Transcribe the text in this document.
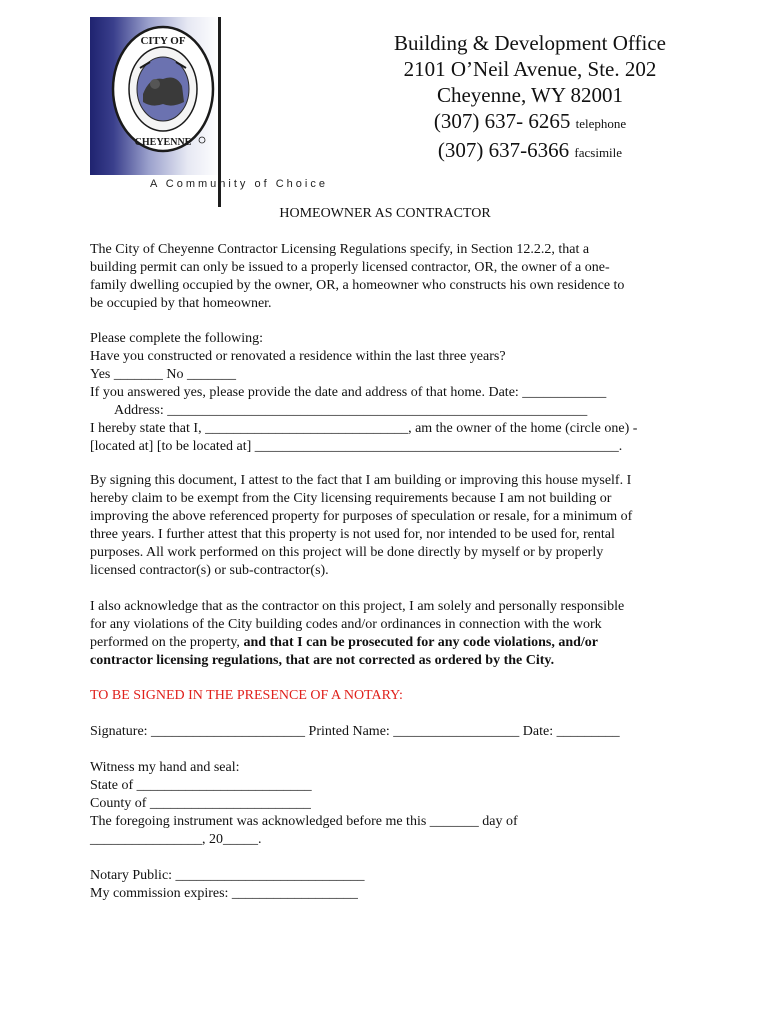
CITY OF
CHEYENNE
A Community of Choice
Building & Development Office
2101 O’Neil Avenue, Ste. 202
Cheyenne, WY 82001
(307) 637- 6265 telephone
(307) 637-6366 facsimile
HOMEOWNER AS CONTRACTOR
The City of Cheyenne Contractor Licensing Regulations specify, in Section 12.2.2, that a
building permit can only be issued to a properly licensed contractor, OR, the owner of a one-
family dwelling occupied by the owner, OR, a homeowner who constructs his own residence to
be occupied by that homeowner.
Please complete the following:
Have you constructed or renovated a residence within the last three years?
Yes _______ No _______
If you answered yes, please provide the date and address of that home. Date: ____________
Address: ____________________________________________________________
I hereby state that I, _____________________________, am the owner of the home (circle one) -
[located at] [to be located at] ____________________________________________________.
By signing this document, I attest to the fact that I am building or improving this house myself. I
hereby claim to be exempt from the City licensing requirements because I am not building or
improving the above referenced property for purposes of speculation or resale, for a minimum of
three years. I further attest that this property is not used for, nor intended to be used for, rental
purposes. All work performed on this project will be done directly by myself or by properly
licensed contractor(s) or sub-contractor(s).
I also acknowledge that as the contractor on this project, I am solely and personally responsible
for any violations of the City building codes and/or ordinances in connection with the work
performed on the property, and that I can be prosecuted for any code violations, and/or
contractor licensing regulations, that are not corrected as ordered by the City.
TO BE SIGNED IN THE PRESENCE OF A NOTARY:
Signature: ______________________ Printed Name: __________________ Date: _________
Witness my hand and seal:
State of _________________________
County of _______________________
The foregoing instrument was acknowledged before me this _______ day of
________________, 20_____.
Notary Public: ___________________________
My commission expires: __________________
